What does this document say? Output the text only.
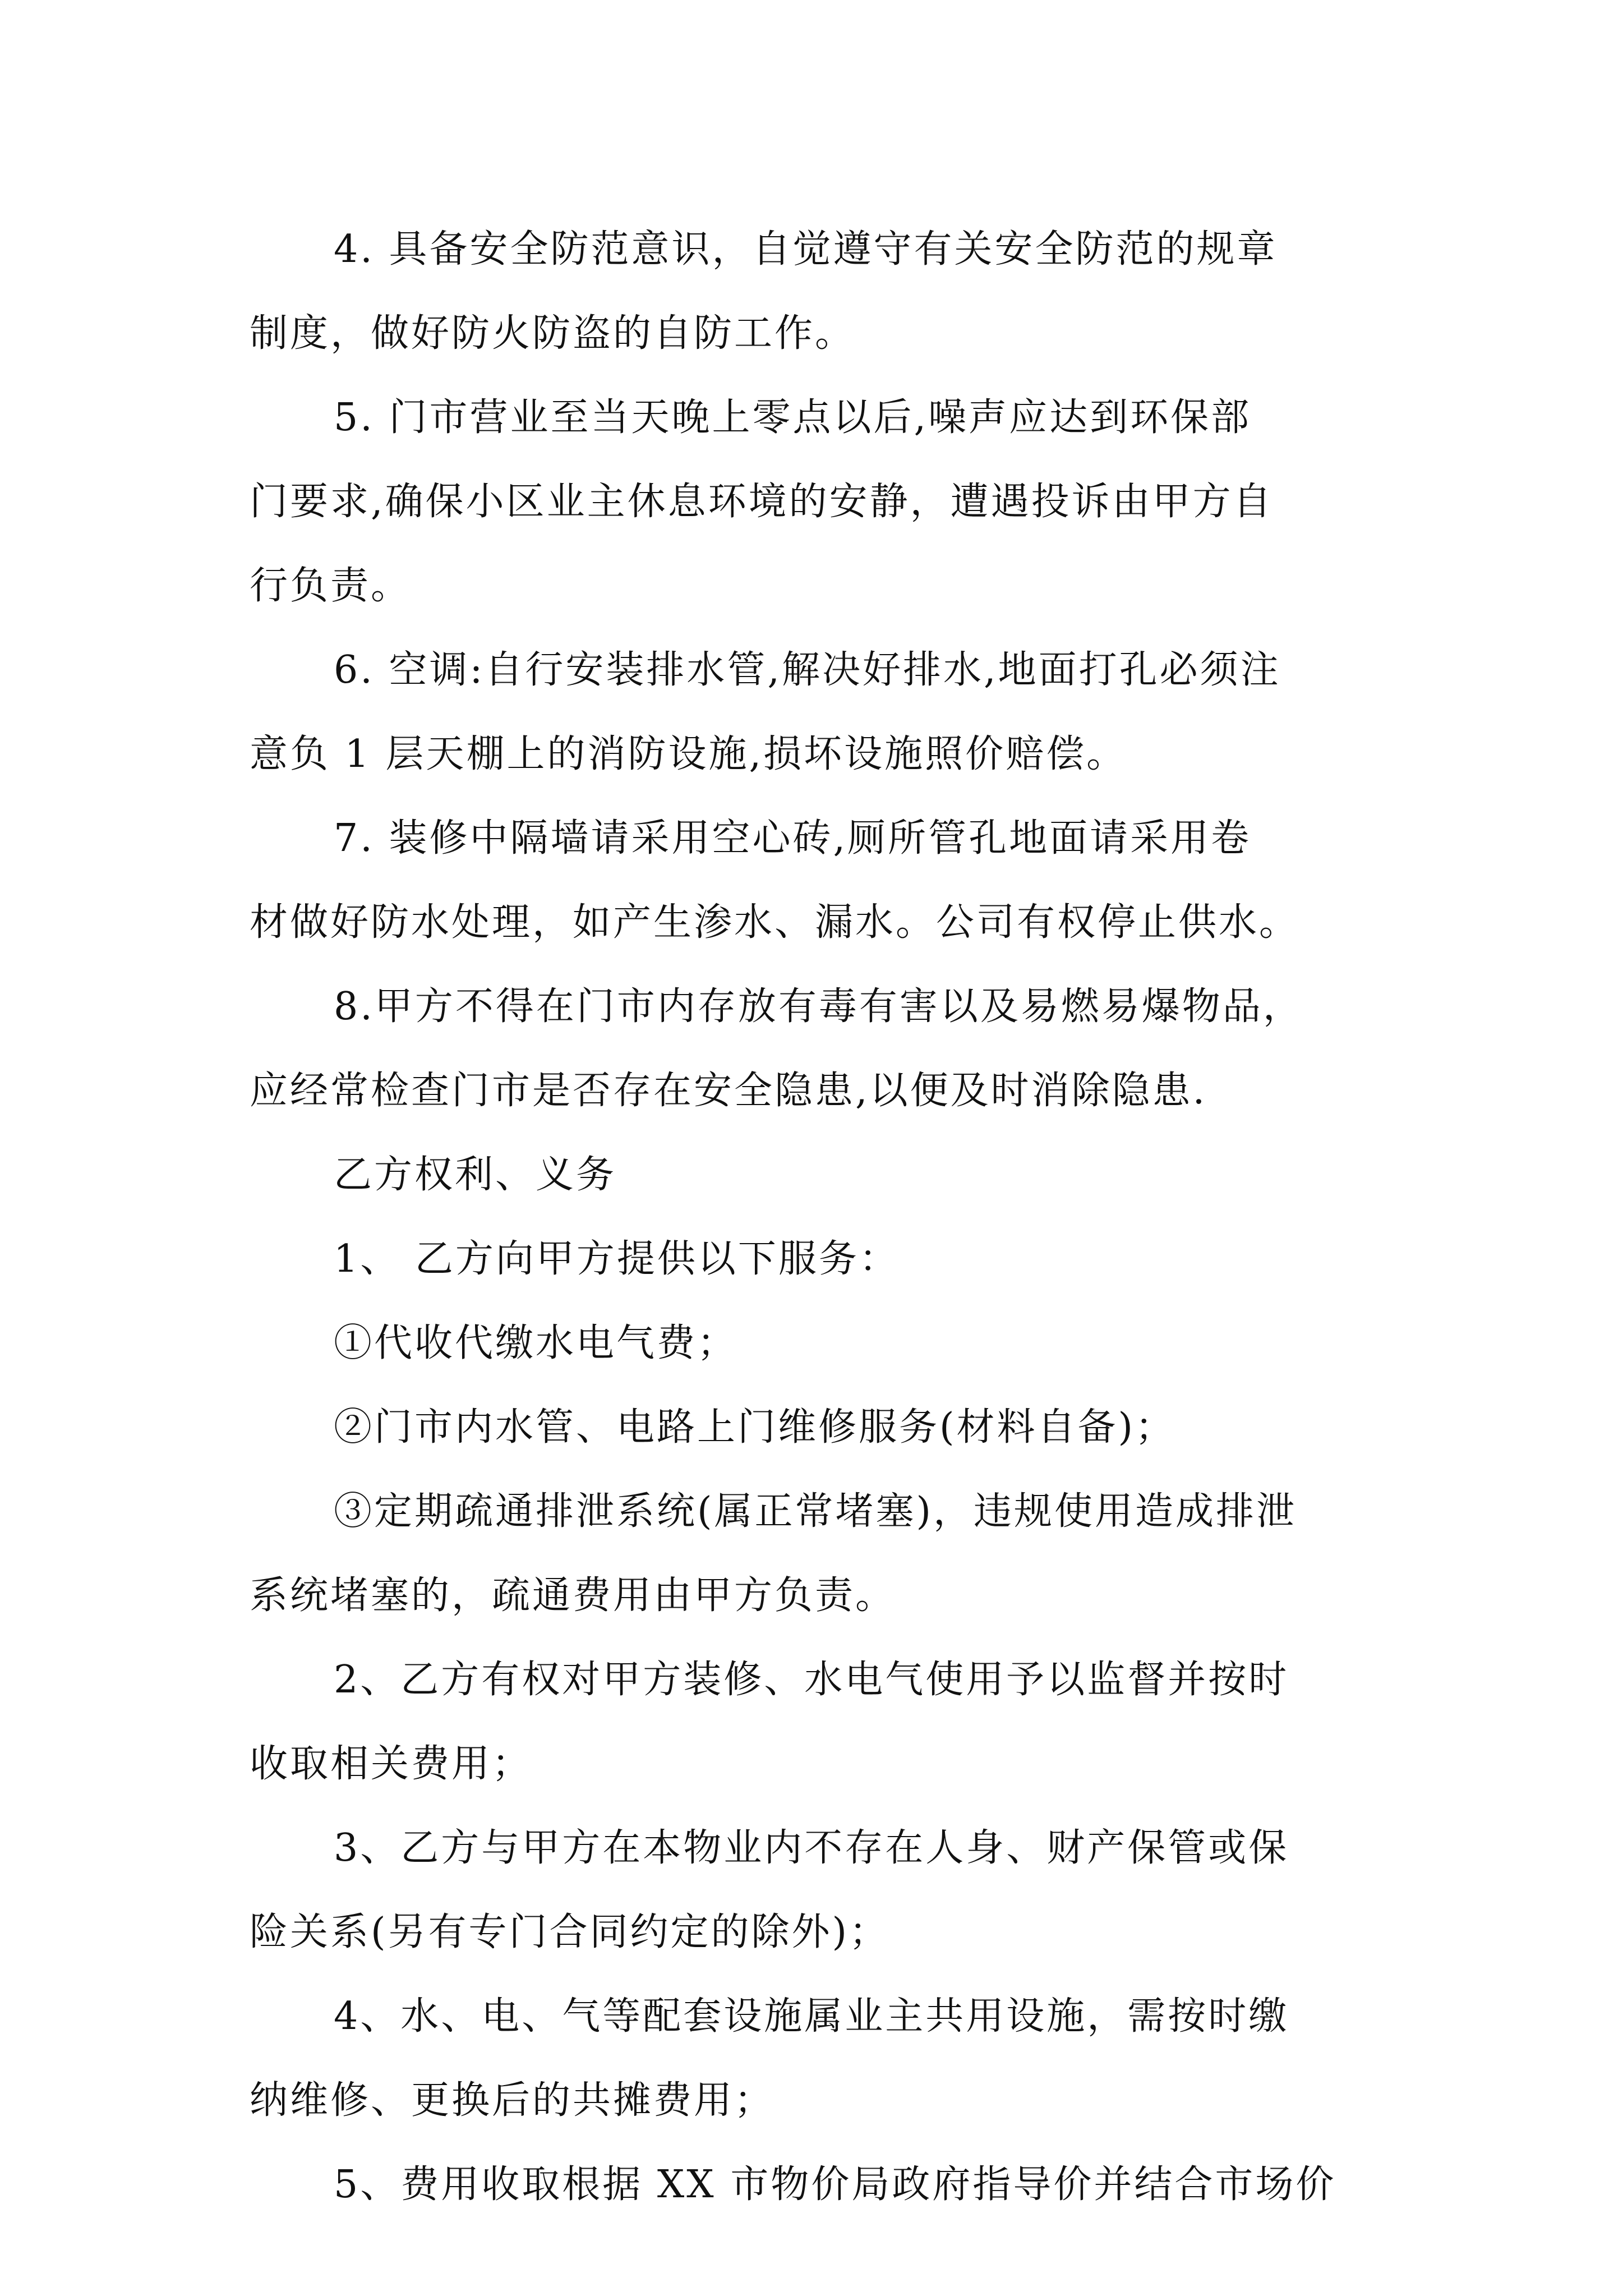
4. 具备安全防范意识，自觉遵守有关安全防范的规章
制度，做好防火防盗的自防工作。
5. 门市营业至当天晚上零点以后,噪声应达到环保部
门要求,确保小区业主休息环境的安静，遭遇投诉由甲方自
行负责。
6. 空调:自行安装排水管,解决好排水,地面打孔必须注
意负 1 层天棚上的消防设施,损坏设施照价赔偿。
7. 装修中隔墙请采用空心砖,厕所管孔地面请采用卷
材做好防水处理，如产生渗水、漏水。公司有权停止供水。
8.甲方不得在门市内存放有毒有害以及易燃易爆物品，
应经常检查门市是否存在安全隐患,以便及时消除隐患.
乙方权利、义务
1、 乙方向甲方提供以下服务：
①代收代缴水电气费；
②门市内水管、电路上门维修服务(材料自备)；
③定期疏通排泄系统(属正常堵塞)，违规使用造成排泄
系统堵塞的，疏通费用由甲方负责。
2、乙方有权对甲方装修、水电气使用予以监督并按时
收取相关费用；
3、乙方与甲方在本物业内不存在人身、财产保管或保
险关系(另有专门合同约定的除外)；
4、水、电、气等配套设施属业主共用设施，需按时缴
纳维修、更换后的共摊费用；
5、费用收取根据 XX 市物价局政府指导价并结合市场价
